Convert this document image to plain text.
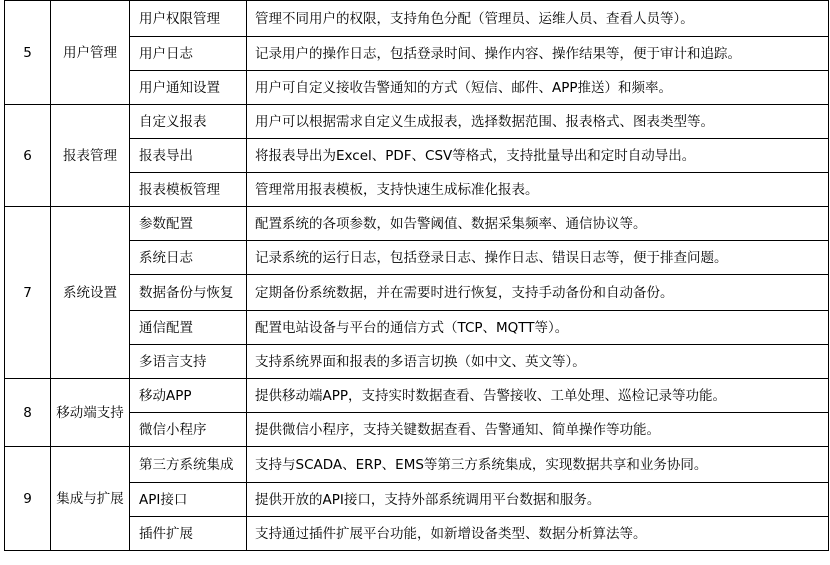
5	用户管理	用户权限管理	管理不同用户的权限，支持角色分配（管理员、运维人员、查看人员等）。
		用户日志	记录用户的操作日志，包括登录时间、操作内容、操作结果等，便于审计和追踪。
		用户通知设置	用户可自定义接收告警通知的方式（短信、邮件、APP推送）和频率。
6	报表管理	自定义报表	用户可以根据需求自定义生成报表，选择数据范围、报表格式、图表类型等。
		报表导出	将报表导出为Excel、PDF、CSV等格式，支持批量导出和定时自动导出。
		报表模板管理	管理常用报表模板，支持快速生成标准化报表。
7	系统设置	参数配置	配置系统的各项参数，如告警阈值、数据采集频率、通信协议等。
		系统日志	记录系统的运行日志，包括登录日志、操作日志、错误日志等，便于排查问题。
		数据备份与恢复	定期备份系统数据，并在需要时进行恢复，支持手动备份和自动备份。
		通信配置	配置电站设备与平台的通信方式（TCP、MQTT等）。
		多语言支持	支持系统界面和报表的多语言切换（如中文、英文等）。
8	移动端支持	移动APP	提供移动端APP，支持实时数据查看、告警接收、工单处理、巡检记录等功能。
		微信小程序	提供微信小程序，支持关键数据查看、告警通知、简单操作等功能。
9	集成与扩展	第三方系统集成	支持与SCADA、ERP、EMS等第三方系统集成，实现数据共享和业务协同。
		API接口	提供开放的API接口，支持外部系统调用平台数据和服务。
		插件扩展	支持通过插件扩展平台功能，如新增设备类型、数据分析算法等。
